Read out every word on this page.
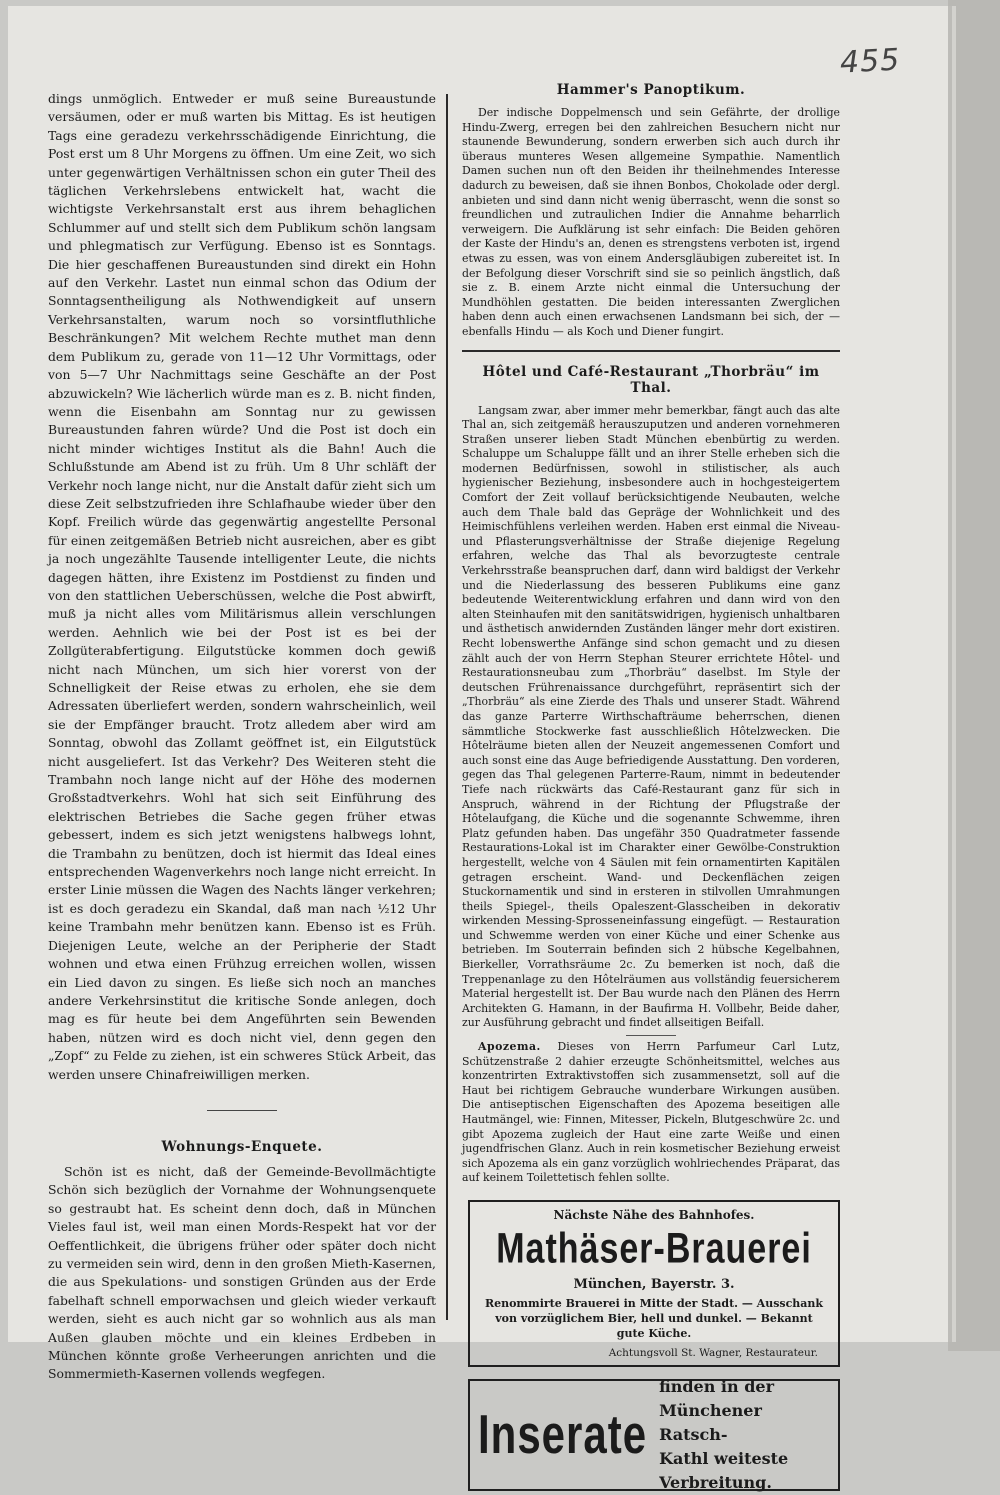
455

dings unmöglich. Entweder er muß seine Bureaustunde versäumen, oder er muß warten bis Mittag. Es ist heutigen Tags eine geradezu verkehrsschädigende Einrichtung, die Post erst um 8 Uhr Morgens zu öffnen. Um eine Zeit, wo sich unter gegenwärtigen Verhältnissen schon ein guter Theil des täglichen Verkehrslebens entwickelt hat, wacht die wichtigste Verkehrsanstalt erst aus ihrem behaglichen Schlummer auf und stellt sich dem Publikum schön langsam und phlegmatisch zur Verfügung. Ebenso ist es Sonntags. Die hier geschaffenen Bureaustunden sind direkt ein Hohn auf den Verkehr. Lastet nun einmal schon das Odium der Sonntagsentheiligung als Nothwendigkeit auf unsern Verkehrsanstalten, warum noch so vorsintfluthliche Beschränkungen? Mit welchem Rechte muthet man denn dem Publikum zu, gerade von 11—12 Uhr Vormittags, oder von 5—7 Uhr Nachmittags seine Geschäfte an der Post abzuwickeln? Wie lächerlich würde man es z. B. nicht finden, wenn die Eisenbahn am Sonntag nur zu gewissen Bureaustunden fahren würde? Und die Post ist doch ein nicht minder wichtiges Institut als die Bahn! Auch die Schlußstunde am Abend ist zu früh. Um 8 Uhr schläft der Verkehr noch lange nicht, nur die Anstalt dafür zieht sich um diese Zeit selbstzufrieden ihre Schlafhaube wieder über den Kopf. Freilich würde das gegenwärtig angestellte Personal für einen zeitgemäßen Betrieb nicht ausreichen, aber es gibt ja noch ungezählte Tausende intelligenter Leute, die nichts dagegen hätten, ihre Existenz im Postdienst zu finden und von den stattlichen Ueberschüssen, welche die Post abwirft, muß ja nicht alles vom Militärismus allein verschlungen werden. Aehnlich wie bei der Post ist es bei der Zollgüterabfertigung. Eilgutstücke kommen doch gewiß nicht nach München, um sich hier vorerst von der Schnelligkeit der Reise etwas zu erholen, ehe sie dem Adressaten überliefert werden, sondern wahrscheinlich, weil sie der Empfänger braucht. Trotz alledem aber wird am Sonntag, obwohl das Zollamt geöffnet ist, ein Eilgutstück nicht ausgeliefert. Ist das Verkehr? Des Weiteren steht die Trambahn noch lange nicht auf der Höhe des modernen Großstadtverkehrs. Wohl hat sich seit Einführung des elektrischen Betriebes die Sache gegen früher etwas gebessert, indem es sich jetzt wenigstens halbwegs lohnt, die Trambahn zu benützen, doch ist hiermit das Ideal eines entsprechenden Wagenverkehrs noch lange nicht erreicht. In erster Linie müssen die Wagen des Nachts länger verkehren; ist es doch geradezu ein Skandal, daß man nach ½12 Uhr keine Trambahn mehr benützen kann. Ebenso ist es Früh. Diejenigen Leute, welche an der Peripherie der Stadt wohnen und etwa einen Frühzug erreichen wollen, wissen ein Lied davon zu singen. Es ließe sich noch an manches andere Verkehrsinstitut die kritische Sonde anlegen, doch mag es für heute bei dem Angeführten sein Bewenden haben, nützen wird es doch nicht viel, denn gegen den „Zopf“ zu Felde zu ziehen, ist ein schweres Stück Arbeit, das werden unsere Chinafreiwilligen merken.

Wohnungs-Enquete.

Schön ist es nicht, daß der Gemeinde-Bevollmächtigte Schön sich bezüglich der Vornahme der Wohnungsenquete so gestraubt hat. Es scheint denn doch, daß in München Vieles faul ist, weil man einen Mords-Respekt hat vor der Oeffentlichkeit, die übrigens früher oder später doch nicht zu vermeiden sein wird, denn in den großen Mieth-Kasernen, die aus Spekulations- und sonstigen Gründen aus der Erde fabelhaft schnell emporwachsen und gleich wieder verkauft werden, sieht es auch nicht gar so wohnlich aus als man Außen glauben möchte und ein kleines Erdbeben in München könnte große Verheerungen anrichten und die Sommermieth-Kasernen vollends wegfegen.

Hammer's Panoptikum.

Der indische Doppelmensch und sein Gefährte, der drollige Hindu-Zwerg, erregen bei den zahlreichen Besuchern nicht nur staunende Bewunderung, sondern erwerben sich auch durch ihr überaus munteres Wesen allgemeine Sympathie. Namentlich Damen suchen nun oft den Beiden ihr theilnehmendes Interesse dadurch zu beweisen, daß sie ihnen Bonbos, Chokolade oder dergl. anbieten und sind dann nicht wenig überrascht, wenn die sonst so freundlichen und zutraulichen Indier die Annahme beharrlich verweigern. Die Aufklärung ist sehr einfach: Die Beiden gehören der Kaste der Hindu's an, denen es strengstens verboten ist, irgend etwas zu essen, was von einem Andersgläubigen zubereitet ist. In der Befolgung dieser Vorschrift sind sie so peinlich ängstlich, daß sie z. B. einem Arzte nicht einmal die Untersuchung der Mundhöhlen gestatten. Die beiden interessanten Zwerglichen haben denn auch einen erwachsenen Landsmann bei sich, der — ebenfalls Hindu — als Koch und Diener fungirt.

Hôtel und Café-Restaurant „Thorbräu“ im Thal.

Langsam zwar, aber immer mehr bemerkbar, fängt auch das alte Thal an, sich zeitgemäß herauszuputzen und anderen vornehmeren Straßen unserer lieben Stadt München ebenbürtig zu werden. Schaluppe um Schaluppe fällt und an ihrer Stelle erheben sich die modernen Bedürfnissen, sowohl in stilistischer, als auch hygienischer Beziehung, insbesondere auch in hochgesteigertem Comfort der Zeit vollauf berücksichtigende Neubauten, welche auch dem Thale bald das Gepräge der Wohnlichkeit und des Heimischfühlens verleihen werden. Haben erst einmal die Niveau- und Pflasterungsverhältnisse der Straße diejenige Regelung erfahren, welche das Thal als bevorzugteste centrale Verkehrsstraße beanspruchen darf, dann wird baldigst der Verkehr und die Niederlassung des besseren Publikums eine ganz bedeutende Weiterentwicklung erfahren und dann wird von den alten Steinhaufen mit den sanitätswidrigen, hygienisch unhaltbaren und ästhetisch anwidernden Zuständen länger mehr dort existiren. Recht lobenswerthe Anfänge sind schon gemacht und zu diesen zählt auch der von Herrn Stephan Steurer errichtete Hôtel- und Restaurationsneubau zum „Thorbräu“ daselbst. Im Style der deutschen Frührenaissance durchgeführt, repräsentirt sich der „Thorbräu“ als eine Zierde des Thals und unserer Stadt. Während das ganze Parterre Wirthschafträume beherrschen, dienen sämmtliche Stockwerke fast ausschließlich Hôtelzwecken. Die Hôtelräume bieten allen der Neuzeit angemessenen Comfort und auch sonst eine das Auge befriedigende Ausstattung. Den vorderen, gegen das Thal gelegenen Parterre-Raum, nimmt in bedeutender Tiefe nach rückwärts das Café-Restaurant ganz für sich in Anspruch, während in der Richtung der Pflugstraße der Hôtelaufgang, die Küche und die sogenannte Schwemme, ihren Platz gefunden haben. Das ungefähr 350 Quadratmeter fassende Restaurations-Lokal ist im Charakter einer Gewölbe-Construktion hergestellt, welche von 4 Säulen mit fein ornamentirten Kapitälen getragen erscheint. Wand- und Deckenflächen zeigen Stuckornamentik und sind in ersteren in stilvollen Umrahmungen theils Spiegel-, theils Opaleszent-Glasscheiben in dekorativ wirkenden Messing-Sprosseneinfassung eingefügt. — Restauration und Schwemme werden von einer Küche und einer Schenke aus betrieben. Im Souterrain befinden sich 2 hübsche Kegelbahnen, Bierkeller, Vorrathsräume 2c. Zu bemerken ist noch, daß die Treppenanlage zu den Hôtelräumen aus vollständig feuersicherem Material hergestellt ist. Der Bau wurde nach den Plänen des Herrn Architekten G. Hamann, in der Baufirma H. Vollbehr, Beide daher, zur Ausführung gebracht und findet allseitigen Beifall.

Apozema. Dieses von Herrn Parfumeur Carl Lutz, Schützenstraße 2 dahier erzeugte Schönheitsmittel, welches aus konzentrirten Extraktivstoffen sich zusammensetzt, soll auf die Haut bei richtigem Gebrauche wunderbare Wirkungen ausüben. Die antiseptischen Eigenschaften des Apozema beseitigen alle Hautmängel, wie: Finnen, Mitesser, Pickeln, Blutgeschwüre 2c. und gibt Apozema zugleich der Haut eine zarte Weiße und einen jugendfrischen Glanz. Auch in rein kosmetischer Beziehung erweist sich Apozema als ein ganz vorzüglich wohlriechendes Präparat, das auf keinem Toilettetisch fehlen sollte.

Nächste Nähe des Bahnhofes.
Mathäser-Brauerei
München, Bayerstr. 3.
Renommirte Brauerei in Mitte der Stadt. — Ausschank von vorzüglichem Bier, hell und dunkel. — Bekannt gute Küche.
Achtungsvoll St. Wagner, Restaurateur.
Inserate
finden in der Münchener Ratsch-
Kathl weiteste Verbreitung.
